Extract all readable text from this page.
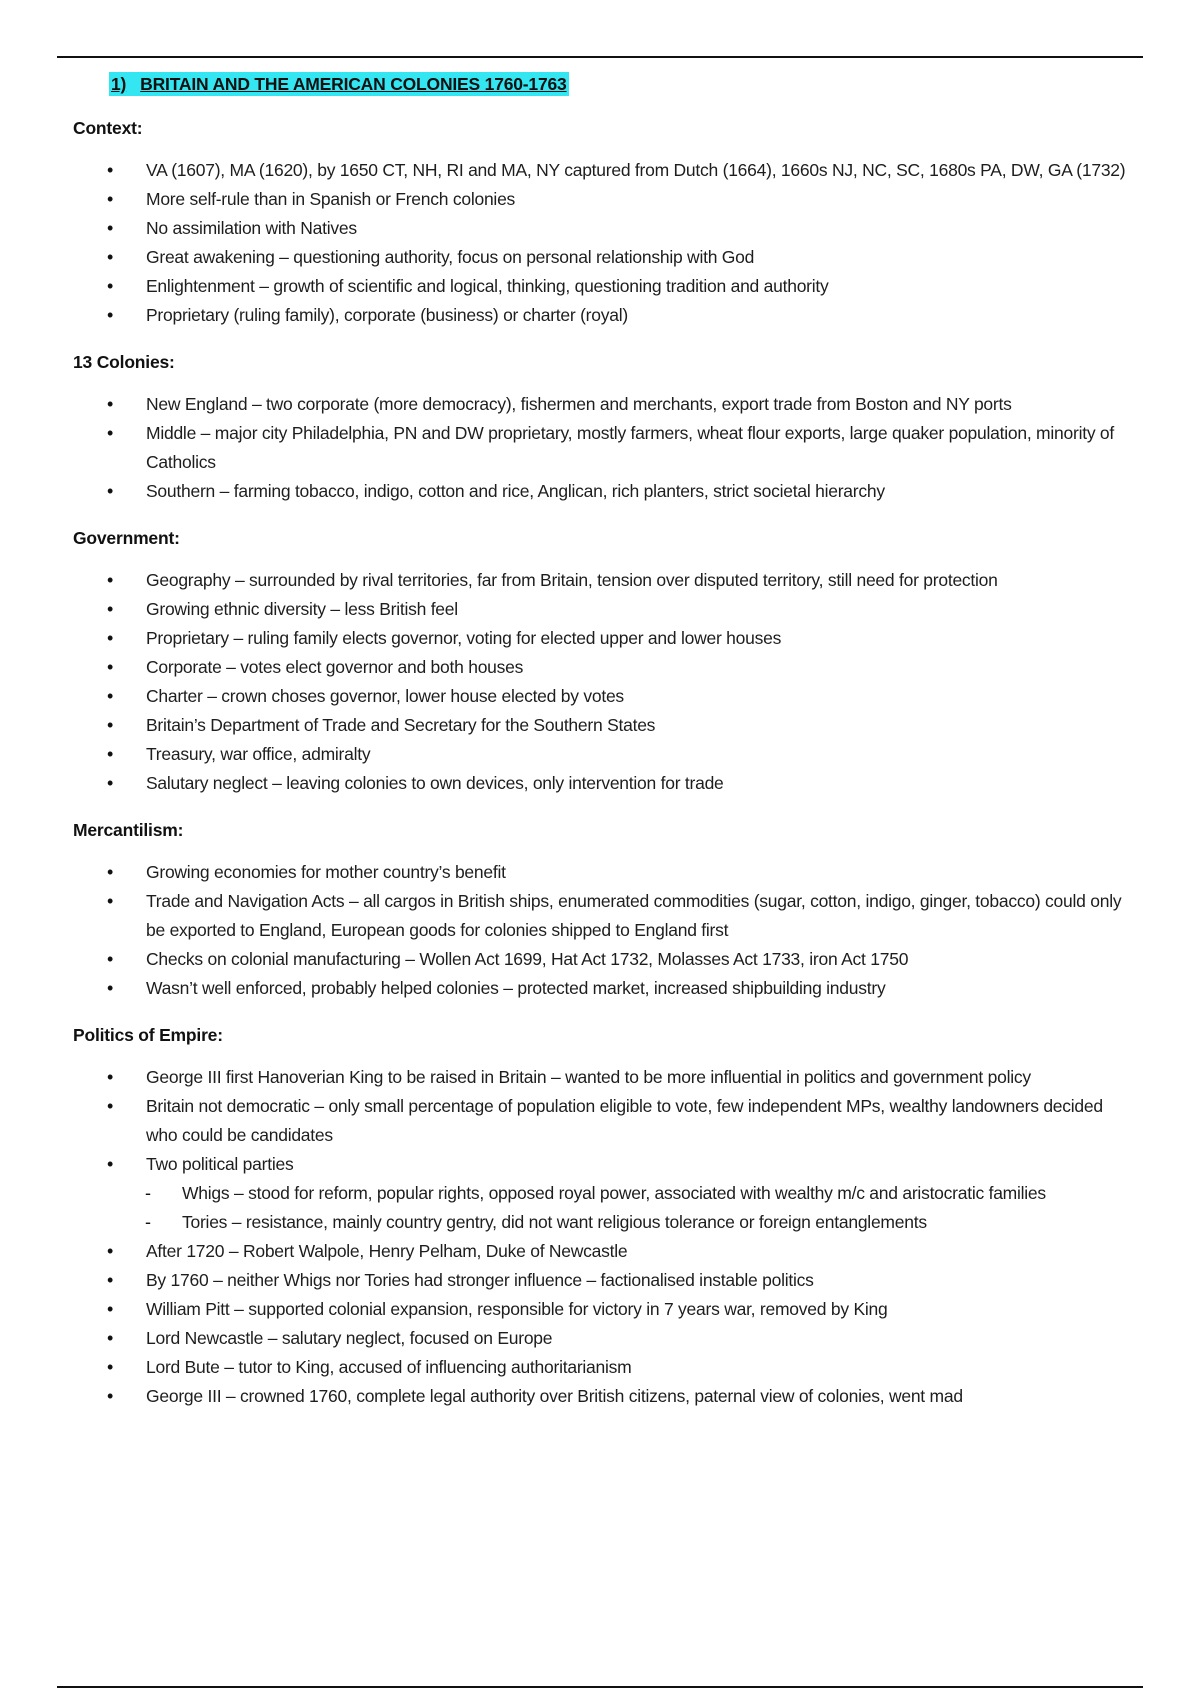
1) BRITAIN AND THE AMERICAN COLONIES 1760-1763
Context:
• VA (1607), MA (1620), by 1650 CT, NH, RI and MA, NY captured from Dutch (1664), 1660s NJ, NC, SC, 1680s PA, DW, GA (1732)
• More self-rule than in Spanish or French colonies
• No assimilation with Natives
• Great awakening – questioning authority, focus on personal relationship with God
• Enlightenment – growth of scientific and logical, thinking, questioning tradition and authority
• Proprietary (ruling family), corporate (business) or charter (royal)
13 Colonies:
• New England – two corporate (more democracy), fishermen and merchants, export trade from Boston and NY ports
• Middle – major city Philadelphia, PN and DW proprietary, mostly farmers, wheat flour exports, large quaker population, minority of Catholics
• Southern – farming tobacco, indigo, cotton and rice, Anglican, rich planters, strict societal hierarchy
Government:
• Geography – surrounded by rival territories, far from Britain, tension over disputed territory, still need for protection
• Growing ethnic diversity – less British feel
• Proprietary – ruling family elects governor, voting for elected upper and lower houses
• Corporate – votes elect governor and both houses
• Charter – crown choses governor, lower house elected by votes
• Britain’s Department of Trade and Secretary for the Southern States
• Treasury, war office, admiralty
• Salutary neglect – leaving colonies to own devices, only intervention for trade
Mercantilism:
• Growing economies for mother country’s benefit
• Trade and Navigation Acts – all cargos in British ships, enumerated commodities (sugar, cotton, indigo, ginger, tobacco) could only be exported to England, European goods for colonies shipped to England first
• Checks on colonial manufacturing – Wollen Act 1699, Hat Act 1732, Molasses Act 1733, iron Act 1750
• Wasn’t well enforced, probably helped colonies – protected market, increased shipbuilding industry
Politics of Empire:
• George III first Hanoverian King to be raised in Britain – wanted to be more influential in politics and government policy
• Britain not democratic – only small percentage of population eligible to vote, few independent MPs, wealthy landowners decided who could be candidates
• Two political parties
- Whigs – stood for reform, popular rights, opposed royal power, associated with wealthy m/c and aristocratic families
- Tories – resistance, mainly country gentry, did not want religious tolerance or foreign entanglements
• After 1720 – Robert Walpole, Henry Pelham, Duke of Newcastle
• By 1760 – neither Whigs nor Tories had stronger influence – factionalised instable politics
• William Pitt – supported colonial expansion, responsible for victory in 7 years war, removed by King
• Lord Newcastle – salutary neglect, focused on Europe
• Lord Bute – tutor to King, accused of influencing authoritarianism
• George III – crowned 1760, complete legal authority over British citizens, paternal view of colonies, went mad
